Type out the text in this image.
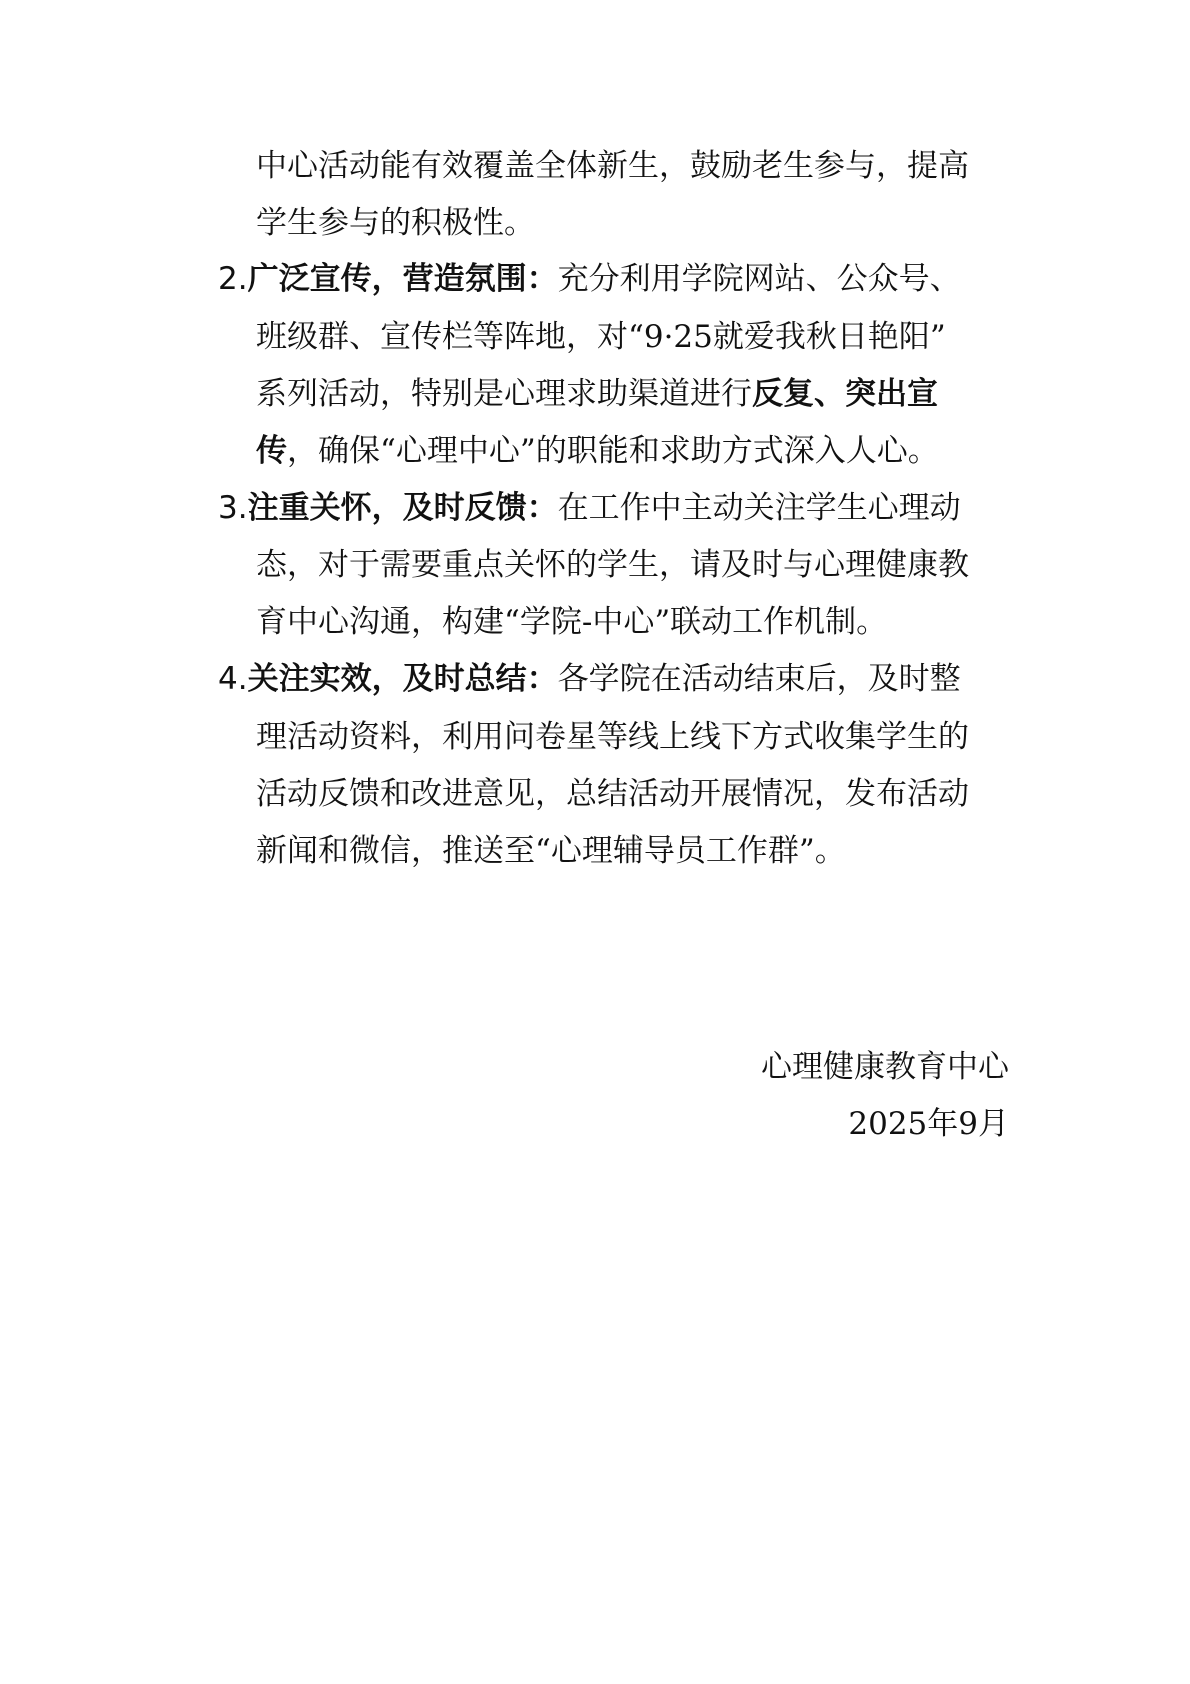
中心活动能有效覆盖全体新生，鼓励老生参与，提高
学生参与的积极性。
2.广泛宣传，营造氛围：充分利用学院网站、公众号、
班级群、宣传栏等阵地，对“9·25就爱我秋日艳阳”
系列活动，特别是心理求助渠道进行反复、突出宣
传，确保“心理中心”的职能和求助方式深入人心。
3.注重关怀，及时反馈：在工作中主动关注学生心理动
态，对于需要重点关怀的学生，请及时与心理健康教
育中心沟通，构建“学院-中心”联动工作机制。
4.关注实效，及时总结：各学院在活动结束后，及时整
理活动资料，利用问卷星等线上线下方式收集学生的
活动反馈和改进意见，总结活动开展情况，发布活动
新闻和微信，推送至“心理辅导员工作群”。
心理健康教育中心
2025年9月
